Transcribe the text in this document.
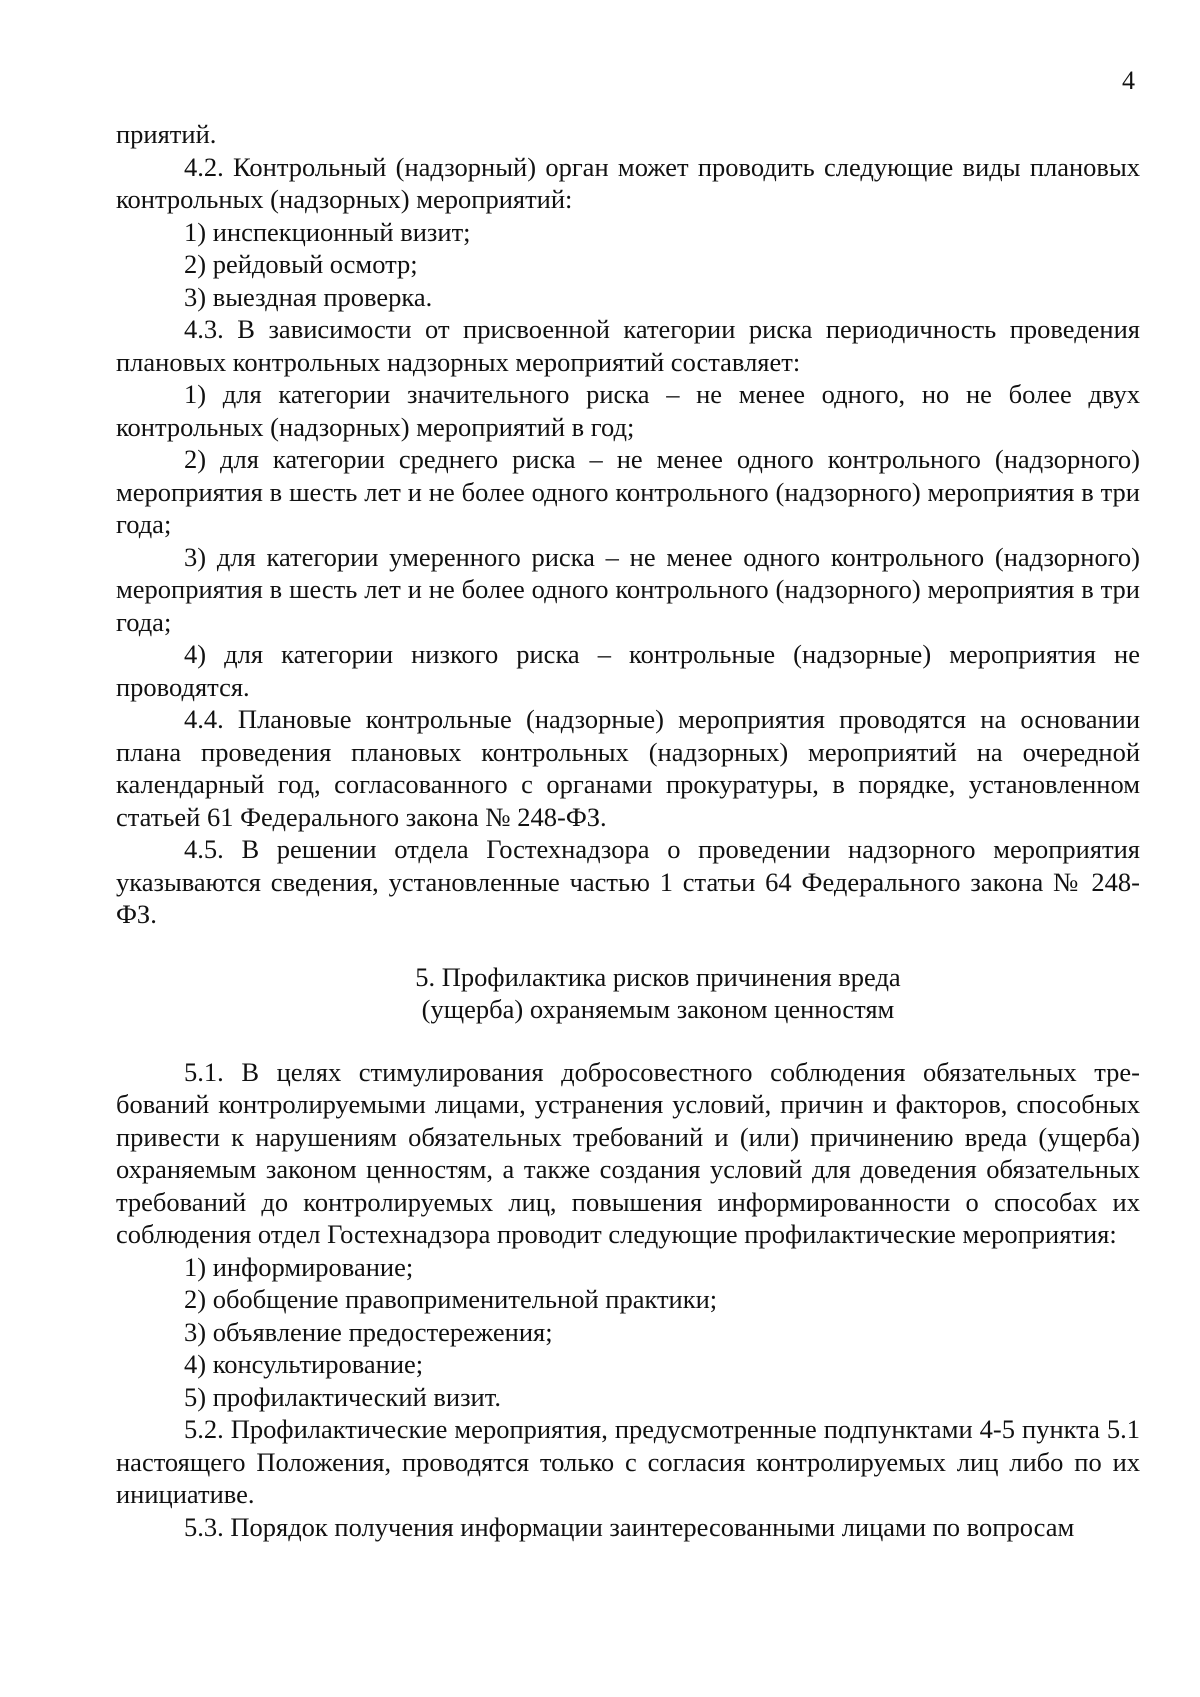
4

приятий.

4.2. Контрольный (надзорный) орган может проводить следующие виды плановых контрольных (надзорных) мероприятий:

1) инспекционный визит;

2) рейдовый осмотр;

3) выездная проверка.

4.3. В зависимости от присвоенной категории риска периодичность проведения плановых контрольных надзорных мероприятий составляет:

1) для категории значительного риска – не менее одного, но не более двух контрольных (надзорных) мероприятий в год;

2) для категории среднего риска – не менее одного контрольного (надзорного) мероприятия в шесть лет и не более одного контрольного (надзорного) мероприятия в три года;

3) для категории умеренного риска – не менее одного контрольного (надзорного) мероприятия в шесть лет и не более одного контрольного (надзорного) мероприятия в три года;

4) для категории низкого риска – контрольные (надзорные) мероприятия не проводятся.

4.4. Плановые контрольные (надзорные) мероприятия проводятся на основании плана проведения плановых контрольных (надзорных) мероприятий на очередной календарный год, согласованного с органами прокуратуры, в порядке, установленном статьей 61 Федерального закона № 248-ФЗ.

4.5. В решении отдела Гостехнадзора о проведении надзорного мероприятия указываются сведения, установленные частью 1 статьи 64 Федерального закона № 248-ФЗ.

5. Профилактика рисков причинения вреда
(ущерба) охраняемым законом ценностям

5.1. В целях стимулирования добросовестного соблюдения обязательных требований контролируемыми лицами, устранения условий, причин и факторов, способных привести к нарушениям обязательных требований и (или) причинению вреда (ущерба) охраняемым законом ценностям, а также создания условий для доведения обязательных требований до контролируемых лиц, повышения информированности о способах их соблюдения отдел Гостехнадзора проводит следующие профилактические мероприятия:

1) информирование;

2) обобщение правоприменительной практики;

3) объявление предостережения;

4) консультирование;

5) профилактический визит.

5.2. Профилактические мероприятия, предусмотренные подпунктами 4-5 пункта 5.1 настоящего Положения, проводятся только с согласия контролируемых лиц либо по их инициативе.

5.3. Порядок получения информации заинтересованными лицами по вопросам
